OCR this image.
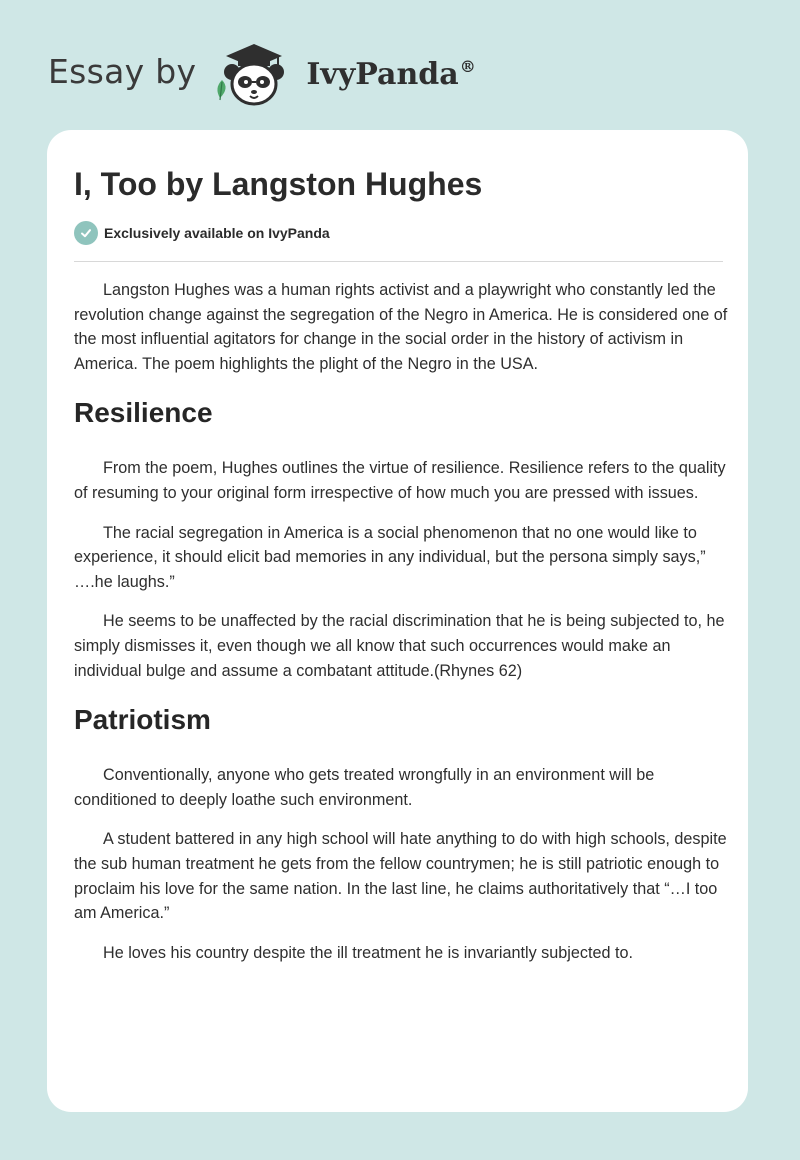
Essay by	IvyPanda®
I, Too by Langston Hughes
Exclusively available on IvyPanda

Langston Hughes was a human rights activist and a playwright who constantly led the revolution change against the segregation of the Negro in America. He is considered one of the most influential agitators for change in the social order in the history of activism in America. The poem highlights the plight of the Negro in the USA.

Resilience

From the poem, Hughes outlines the virtue of resilience. Resilience refers to the quality of resuming to your original form irrespective of how much you are pressed with issues.

The racial segregation in America is a social phenomenon that no one would like to experience, it should elicit bad memories in any individual, but the persona simply says,” ….he laughs.”

He seems to be unaffected by the racial discrimination that he is being subjected to, he simply dismisses it, even though we all know that such occurrences would make an individual bulge and assume a combatant attitude.(Rhynes 62)

Patriotism

Conventionally, anyone who gets treated wrongfully in an environment will be conditioned to deeply loathe such environment.

A student battered in any high school will hate anything to do with high schools, despite the sub human treatment he gets from the fellow countrymen; he is still patriotic enough to proclaim his love for the same nation. In the last line, he claims authoritatively that “…I too am America.”

He loves his country despite the ill treatment he is invariantly subjected to.
